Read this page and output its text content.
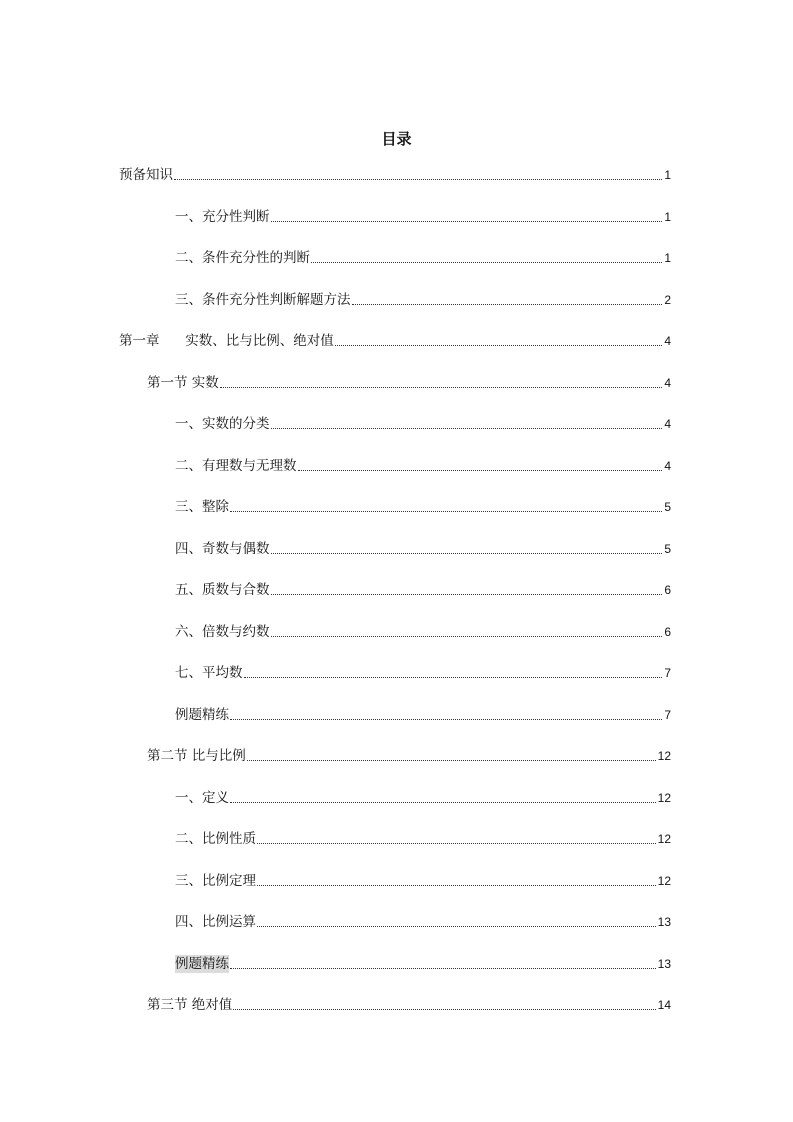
目录
预备知识	1
一、充分性判断	1
二、条件充分性的判断	1
三、条件充分性判断解题方法	2
第一章      实数、比与比例、绝对值	4
第一节 实数	4
一、实数的分类	4
二、有理数与无理数	4
三、整除	5
四、奇数与偶数	5
五、质数与合数	6
六、倍数与约数	6
七、平均数	7
例题精练	7
第二节 比与比例	12
一、定义	12
二、比例性质	12
三、比例定理	12
四、比例运算	13
例题精练	13
第三节 绝对值	14
